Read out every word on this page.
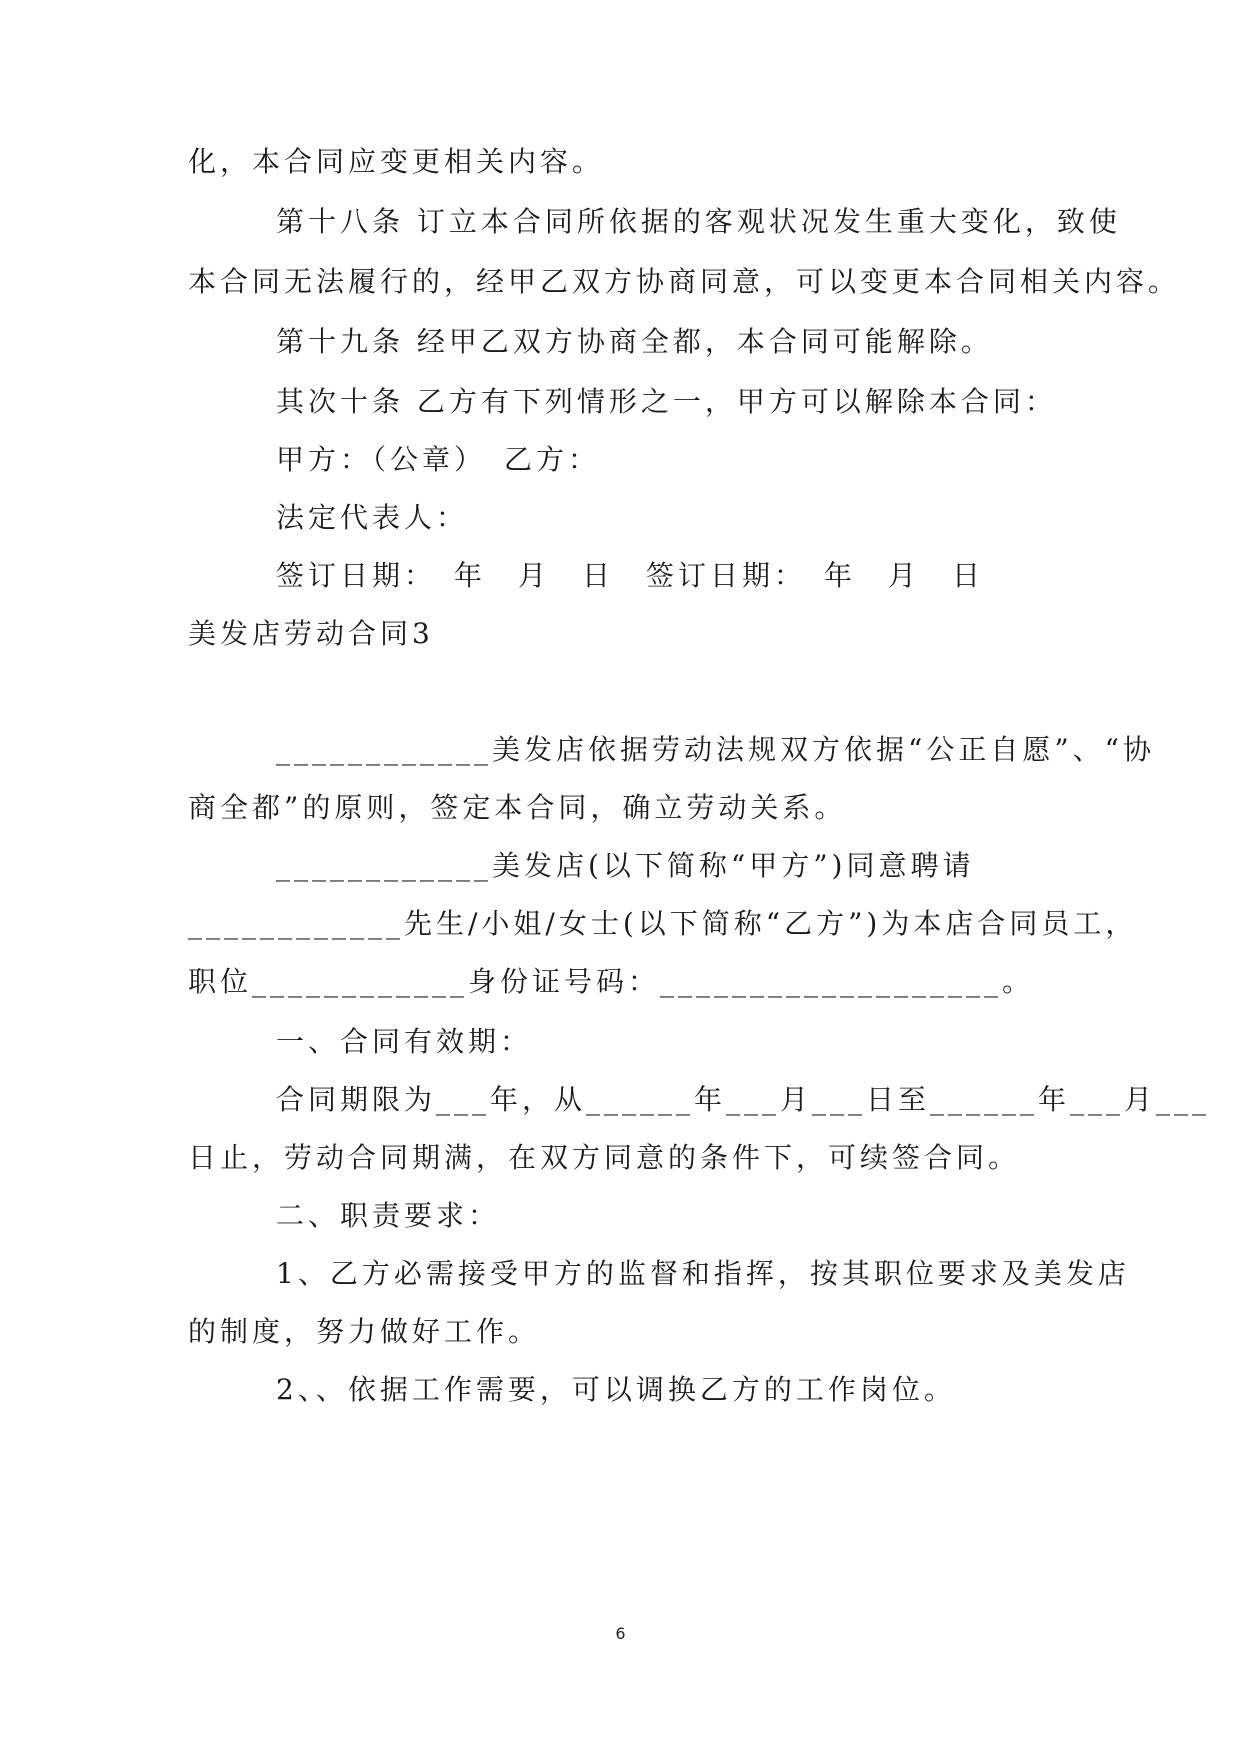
化，本合同应变更相关内容。
第十八条 订立本合同所依据的客观状况发生重大变化，致使
本合同无法履行的，经甲乙双方协商同意，可以变更本合同相关内容。
第十九条 经甲乙双方协商全都，本合同可能解除。
其次十条 乙方有下列情形之一，甲方可以解除本合同：
甲方：（公章）　乙方：
法定代表人：
签订日期：　年　月　日　签订日期：　年　月　日
美发店劳动合同3
____________美发店依据劳动法规双方依据“公正自愿”、“协
商全都”的原则，签定本合同，确立劳动关系。
____________美发店(以下简称“甲方”)同意聘请
____________先生/小姐/女士(以下简称“乙方”)为本店合同员工，
职位____________身份证号码：___________________。
一、合同有效期：
合同期限为___年，从______年___月___日至______年___月___
日止，劳动合同期满，在双方同意的条件下，可续签合同。
二、职责要求：
1、乙方必需接受甲方的监督和指挥，按其职位要求及美发店
的制度，努力做好工作。
2、、依据工作需要，可以调换乙方的工作岗位。
6
